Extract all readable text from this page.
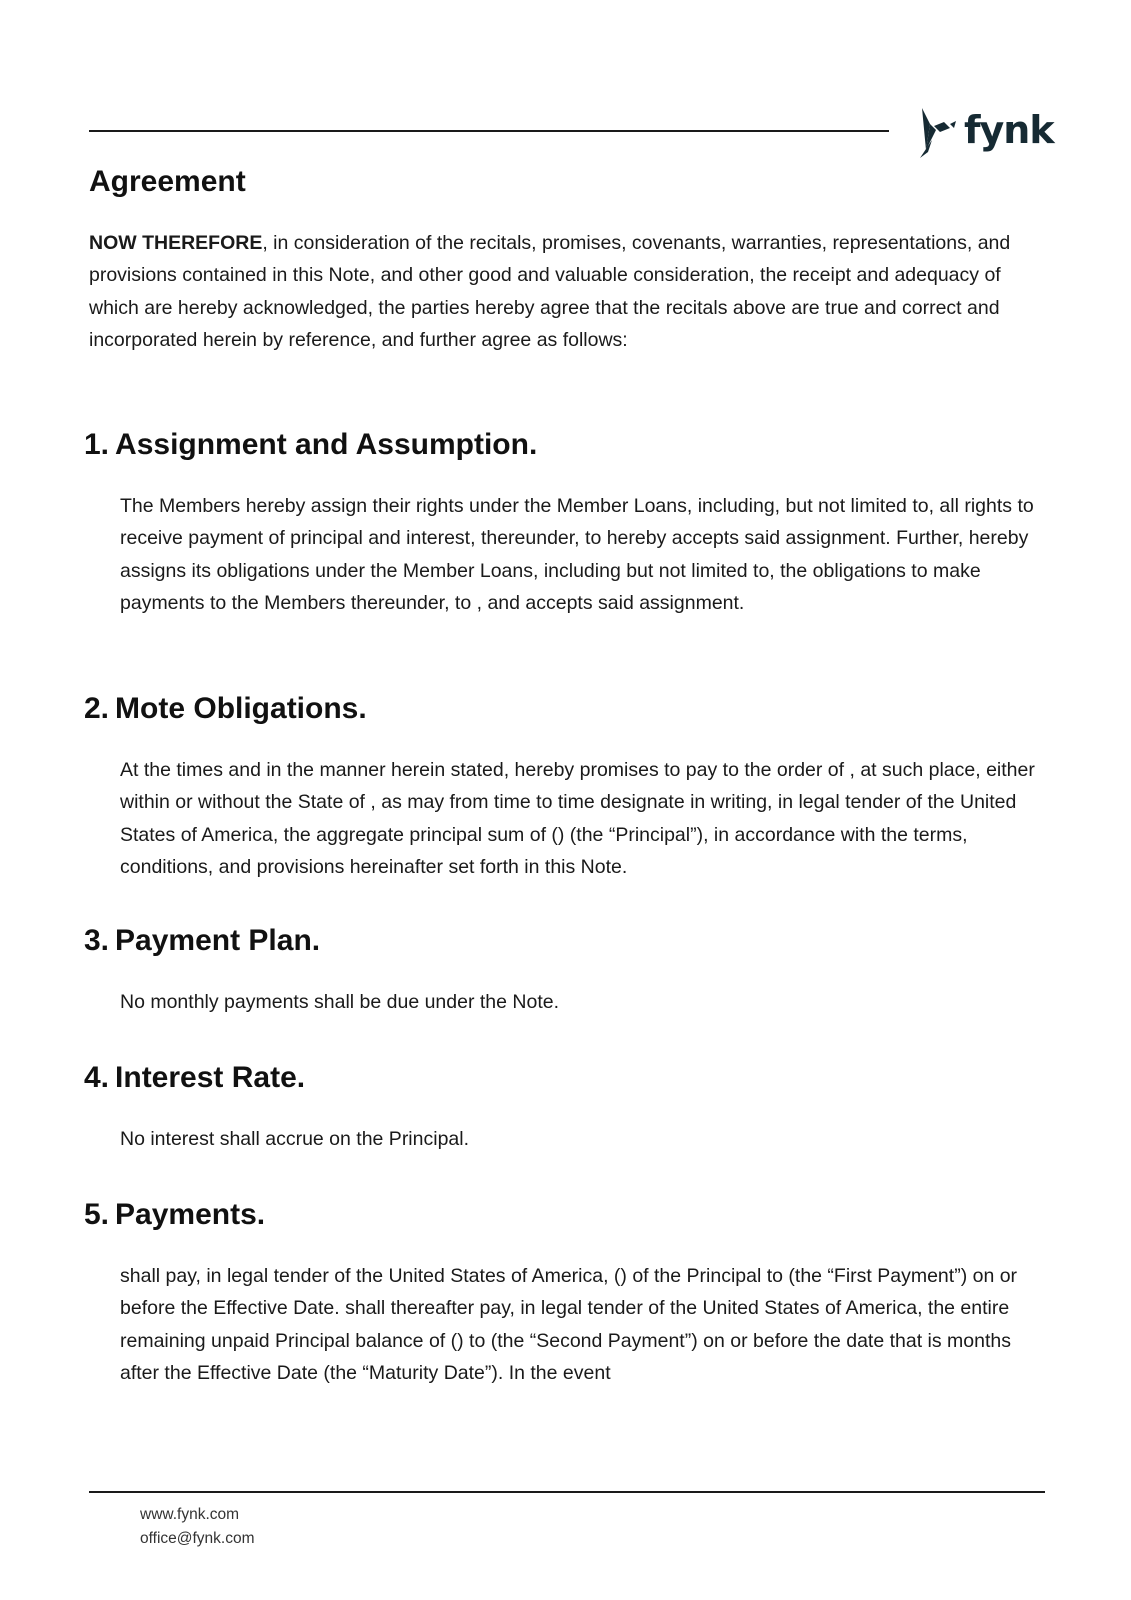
fynk
Agreement

NOW THEREFORE, in consideration of the recitals, promises, covenants, warranties, representations, and provisions contained in this Note, and other good and valuable consideration, the receipt and adequacy of which are hereby acknowledged, the parties hereby agree that the recitals above are true and correct and incorporated herein by reference, and further agree as follows:

1. Assignment and Assumption.

The Members hereby assign their rights under the Member Loans, including, but not limited to, all rights to receive payment of principal and interest, thereunder, to hereby accepts said assignment. Further, hereby assigns its obligations under the Member Loans, including but not limited to, the obligations to make payments to the Members thereunder, to , and accepts said assignment.

2. Mote Obligations.

At the times and in the manner herein stated, hereby promises to pay to the order of , at such place, either within or without the State of , as may from time to time designate in writing, in legal tender of the United States of America, the aggregate principal sum of () (the “Principal”), in accordance with the terms, conditions, and provisions hereinafter set forth in this Note.

3. Payment Plan.

No monthly payments shall be due under the Note.

4. Interest Rate.

No interest shall accrue on the Principal.

5. Payments.

shall pay, in legal tender of the United States of America, () of the Principal to (the “First Payment”) on or before the Effective Date. shall thereafter pay, in legal tender of the United States of America, the entire remaining unpaid Principal balance of () to (the “Second Payment”) on or before the date that is months after the Effective Date (the “Maturity Date”). In the event

www.fynk.com
office@fynk.com
